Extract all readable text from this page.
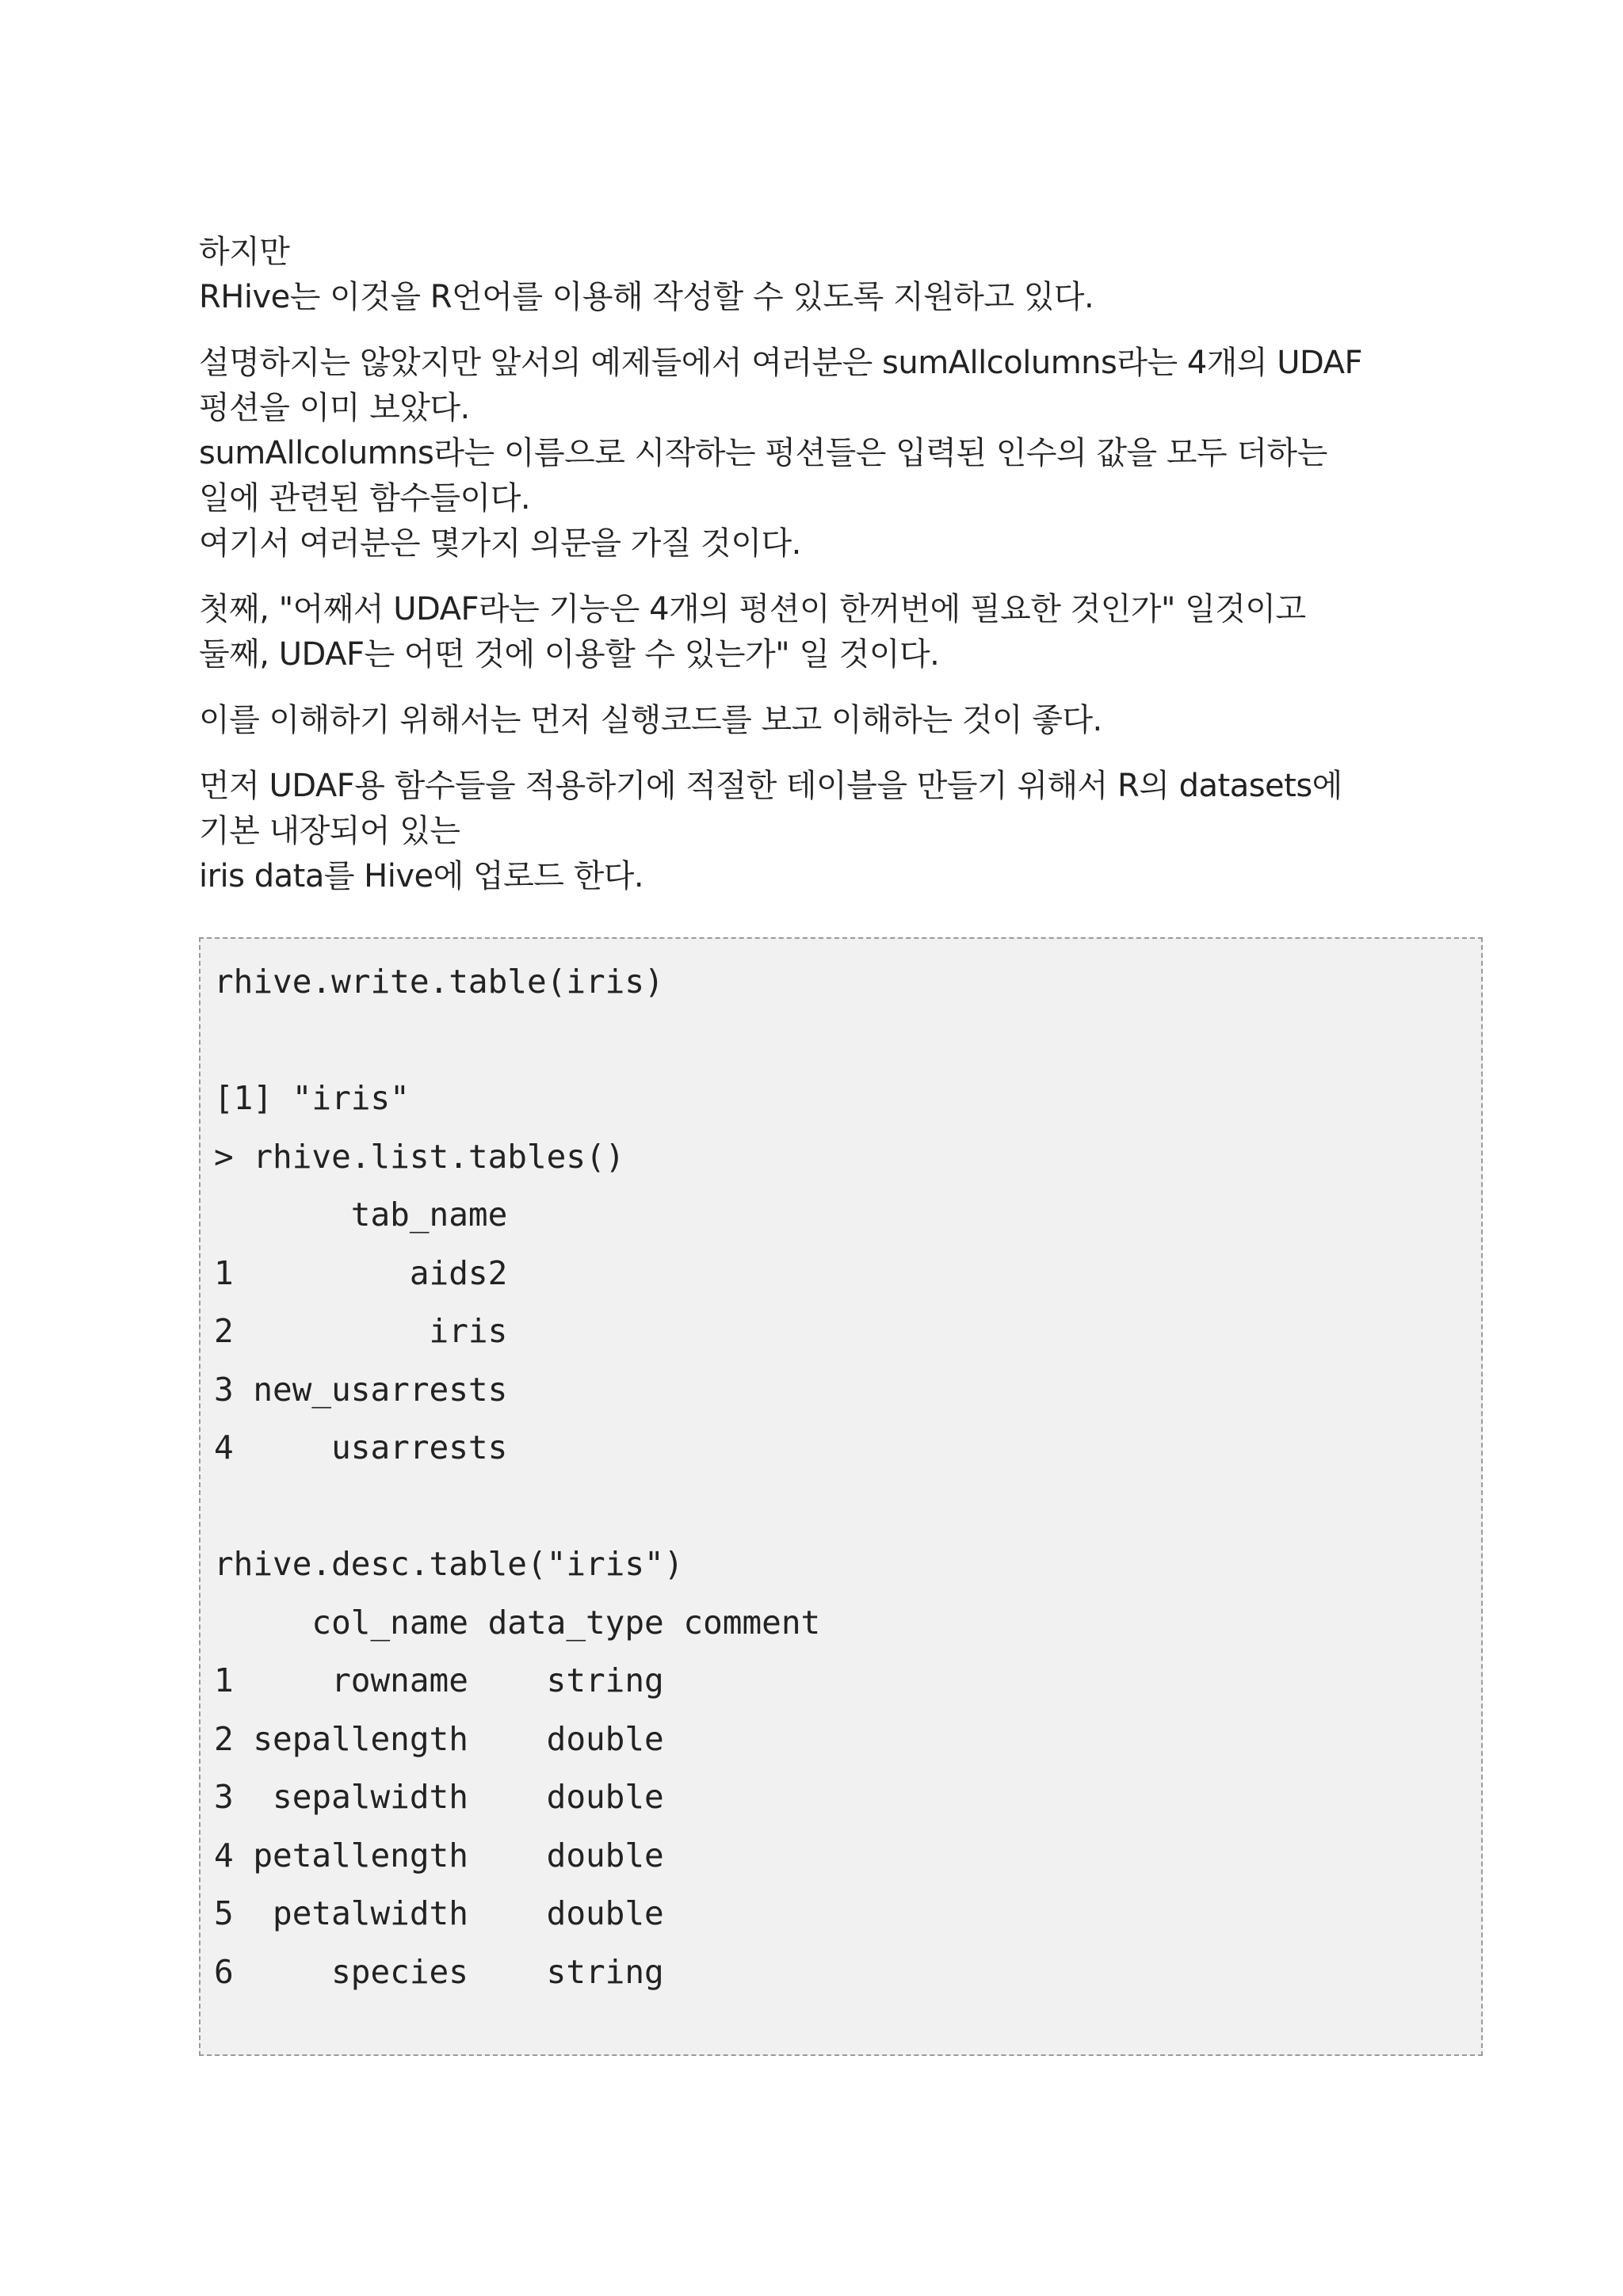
하지만
RHive는 이것을 R언어를 이용해 작성할 수 있도록 지원하고 있다.

설명하지는 않았지만 앞서의 예제들에서 여러분은 sumAllcolumns라는 4개의 UDAF
펑션을 이미 보았다.
sumAllcolumns라는 이름으로 시작하는 펑션들은 입력된 인수의 값을 모두 더하는
일에 관련된 함수들이다.
여기서 여러분은 몇가지 의문을 가질 것이다.

첫째, "어째서 UDAF라는 기능은 4개의 펑션이 한꺼번에 필요한 것인가" 일것이고
둘째, UDAF는 어떤 것에 이용할 수 있는가" 일 것이다.

이를 이해하기 위해서는 먼저 실행코드를 보고 이해하는 것이 좋다.

먼저 UDAF용 함수들을 적용하기에 적절한 테이블을 만들기 위해서 R의 datasets에
기본 내장되어 있는
iris data를 Hive에 업로드 한다.

rhive.write.table(iris)
[1] "iris"
> rhive.list.tables()
tab_name
1         aids2
2          iris
3 new_usarrests
4     usarrests
rhive.desc.table("iris")
col_name data_type comment
1     rowname    string
2 sepallength    double
3  sepalwidth    double
4 petallength    double
5  petalwidth    double
6     species    string
